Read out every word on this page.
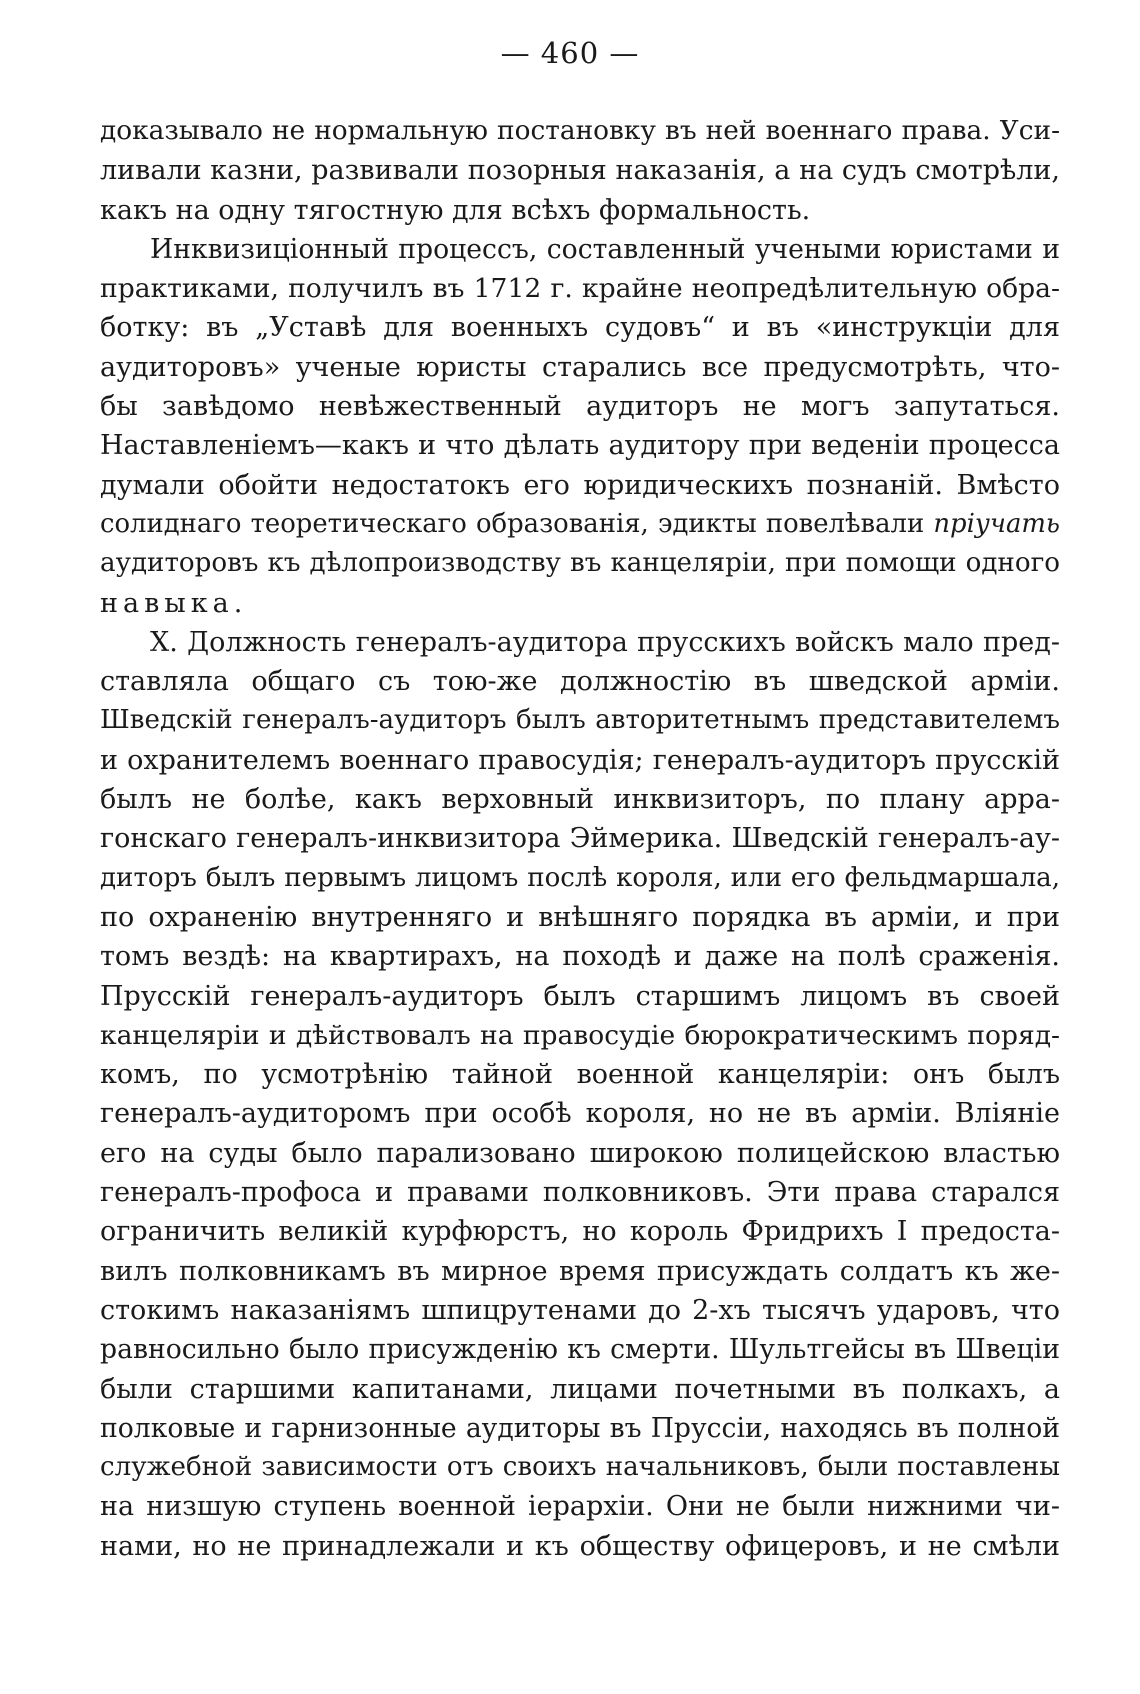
— 460 —
доказывало не нормальную постановку въ ней военнаго права. Уси-
ливали казни, развивали позорныя наказанія, а на судъ смотрѣли,
какъ на одну тягостную для всѣхъ формальность.
Инквизиціонный процессъ, составленный учеными юристами и
практиками, получилъ въ 1712 г. крайне неопредѣлительную обра-
ботку: въ „Уставѣ для военныхъ судовъ“ и въ «инструкціи для
аудиторовъ» ученые юристы старались все предусмотрѣть, что-
бы завѣдомо невѣжественный аудиторъ не могъ запутаться.
Наставленіемъ—какъ и что дѣлать аудитору при веденіи процесса
думали обойти недостатокъ его юридическихъ познаній. Вмѣсто
солиднаго теоретическаго образованія, эдикты повелѣвали пріучать
аудиторовъ къ дѣлопроизводству въ канцеляріи, при помощи одного
навыка.
X. Должность генералъ-аудитора прусскихъ войскъ мало пред-
ставляла общаго съ тою-же должностію въ шведской арміи.
Шведскій генералъ-аудиторъ былъ авторитетнымъ представителемъ
и охранителемъ военнаго правосудія; генералъ-аудиторъ прусскій
былъ не болѣе, какъ верховный инквизиторъ, по плану арра-
гонскаго генералъ-инквизитора Эймерика. Шведскій генералъ-ау-
диторъ былъ первымъ лицомъ послѣ короля, или его фельдмаршала,
по охраненію внутренняго и внѣшняго порядка въ арміи, и при
томъ вездѣ: на квартирахъ, на походѣ и даже на полѣ сраженія.
Прусскій генералъ-аудиторъ былъ старшимъ лицомъ въ своей
канцеляріи и дѣйствовалъ на правосудіе бюрократическимъ поряд-
комъ, по усмотрѣнію тайной военной канцеляріи: онъ былъ
генералъ-аудиторомъ при особѣ короля, но не въ арміи. Вліяніе
его на суды было парализовано широкою полицейскою властью
генералъ-профоса и правами полковниковъ. Эти права старался
ограничить великій курфюрстъ, но король Фридрихъ I предоста-
вилъ полковникамъ въ мирное время присуждать солдатъ къ же-
стокимъ наказаніямъ шпицрутенами до 2-хъ тысячъ ударовъ, что
равносильно было присужденію къ смерти. Шультгейсы въ Швеціи
были старшими капитанами, лицами почетными въ полкахъ, а
полковые и гарнизонные аудиторы въ Пруссіи, находясь въ полной
служебной зависимости отъ своихъ начальниковъ, были поставлены
на низшую ступень военной іерархіи. Они не были нижними чи-
нами, но не принадлежали и къ обществу офицеровъ, и не смѣли
